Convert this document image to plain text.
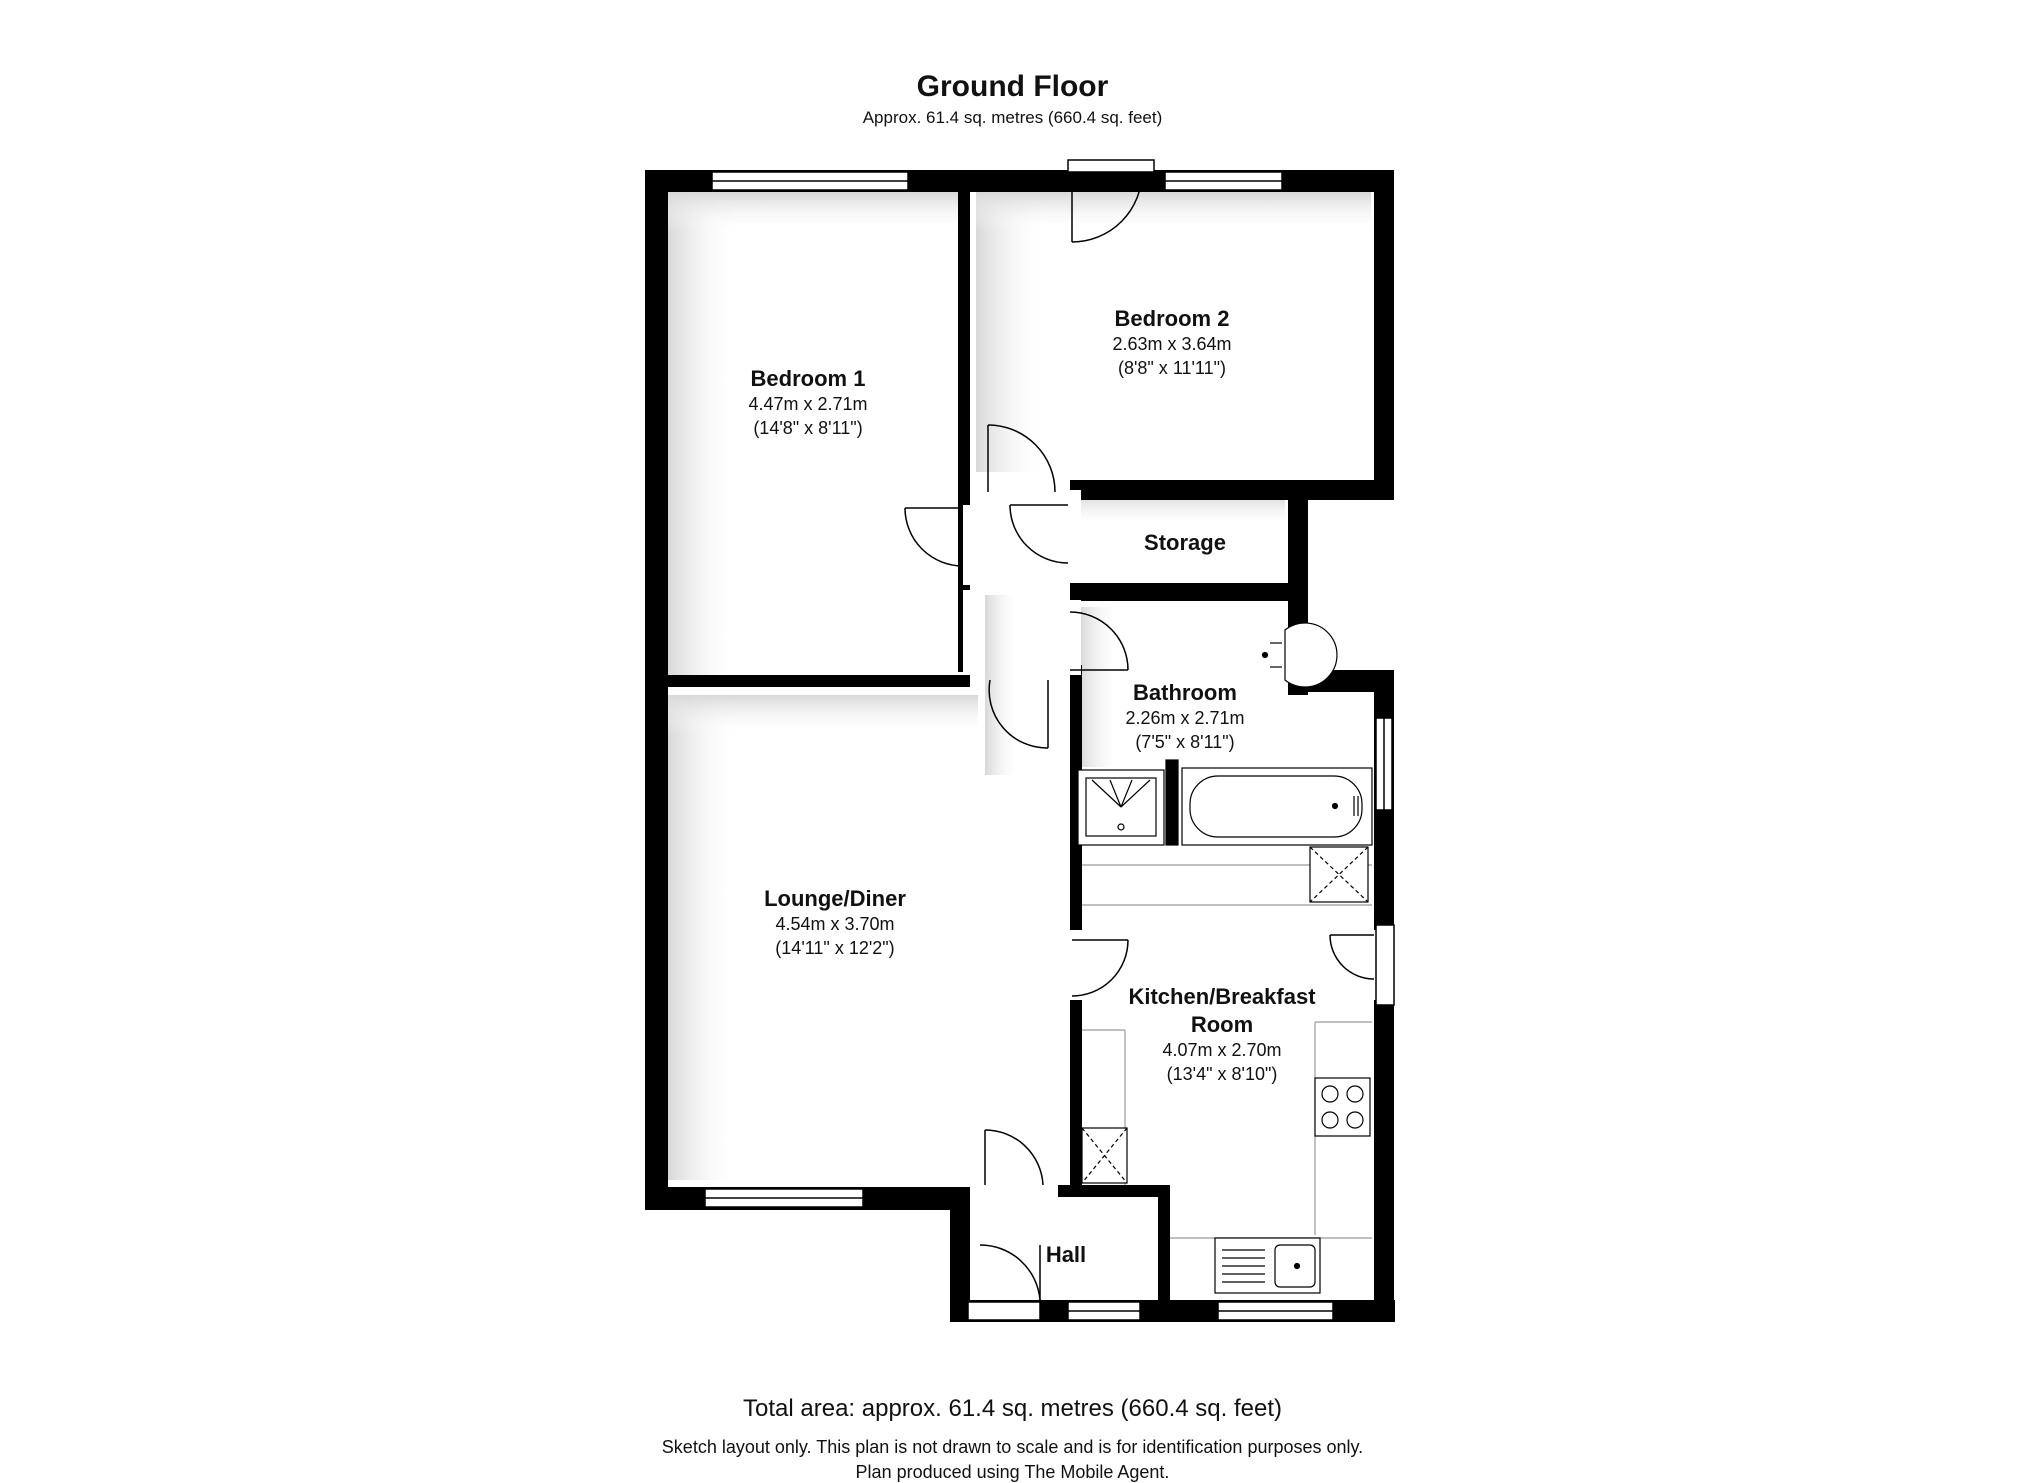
Ground Floor
Approx. 61.4 sq. metres (660.4 sq. feet)
Bedroom 1
4.47m x 2.71m
(14'8" x 8'11")
Bedroom 2
2.63m x 3.64m
(8'8" x 11'11")
Storage
Bathroom
2.26m x 2.71m
(7'5" x 8'11")
Lounge/Diner
4.54m x 3.70m
(14'11" x 12'2")
Kitchen/Breakfast
Room
4.07m x 2.70m
(13'4" x 8'10")
Hall
Total area: approx. 61.4 sq. metres (660.4 sq. feet)
Sketch layout only. This plan is not drawn to scale and is for identification purposes only.
Plan produced using The Mobile Agent.
